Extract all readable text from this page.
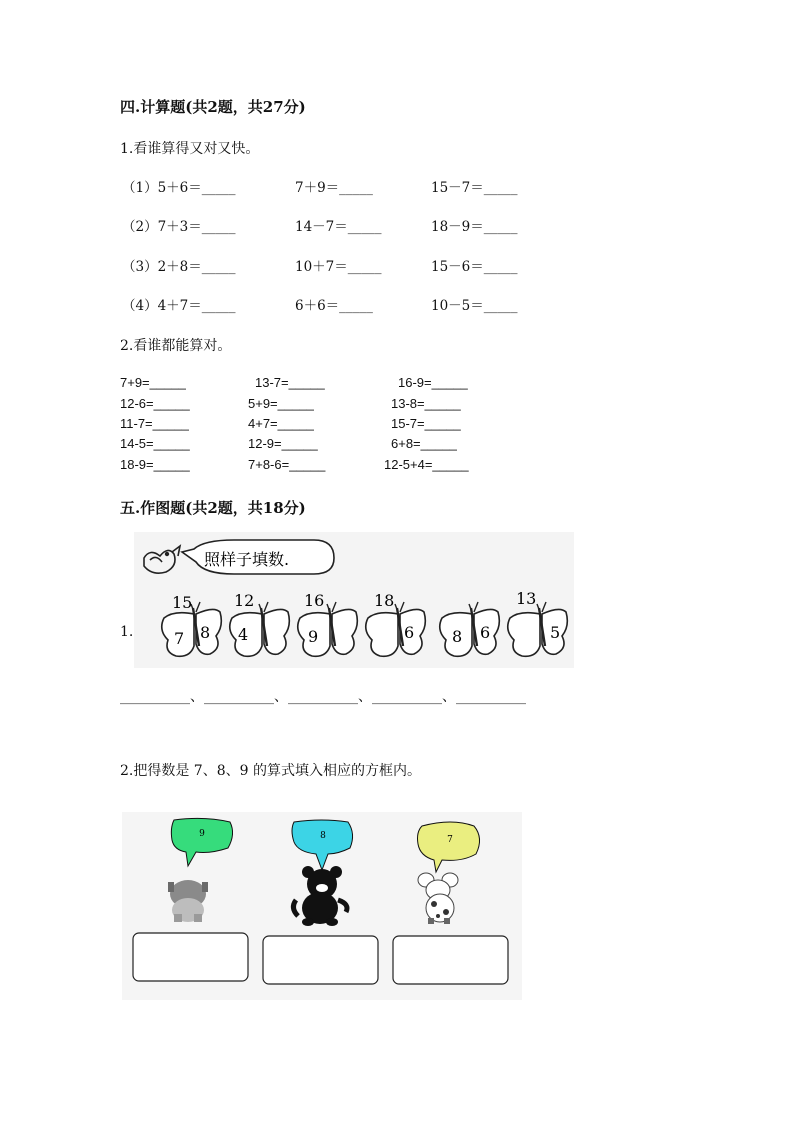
四.计算题(共2题，共27分)
1.看谁算得又对又快。
（1）5＋6＝_____	7＋9＝_____	15－7＝_____
（2）7＋3＝_____	14－7＝_____	18－9＝_____
（3）2＋8＝_____	10＋7＝_____	15－6＝_____
（4）4＋7＝_____	6＋6＝_____	10－5＝_____
2.看谁都能算对。
7+9=_____	13-7=_____	16-9=_____
12-6=_____	5+9=_____	13-8=_____
11-7=_____	4+7=_____	15-7=_____
14-5=_____	12-9=_____	6+8=_____
18-9=_____	7+8-6=_____	12-5+4=_____
五.作图题(共2题，共18分)
照样子填数.
15
7 8
12
4
16
9
18
6 8 6
13
5
1.
__________、__________、__________、__________、__________
2.把得数是 7、8、9 的算式填入相应的方框内。
9	8	7
